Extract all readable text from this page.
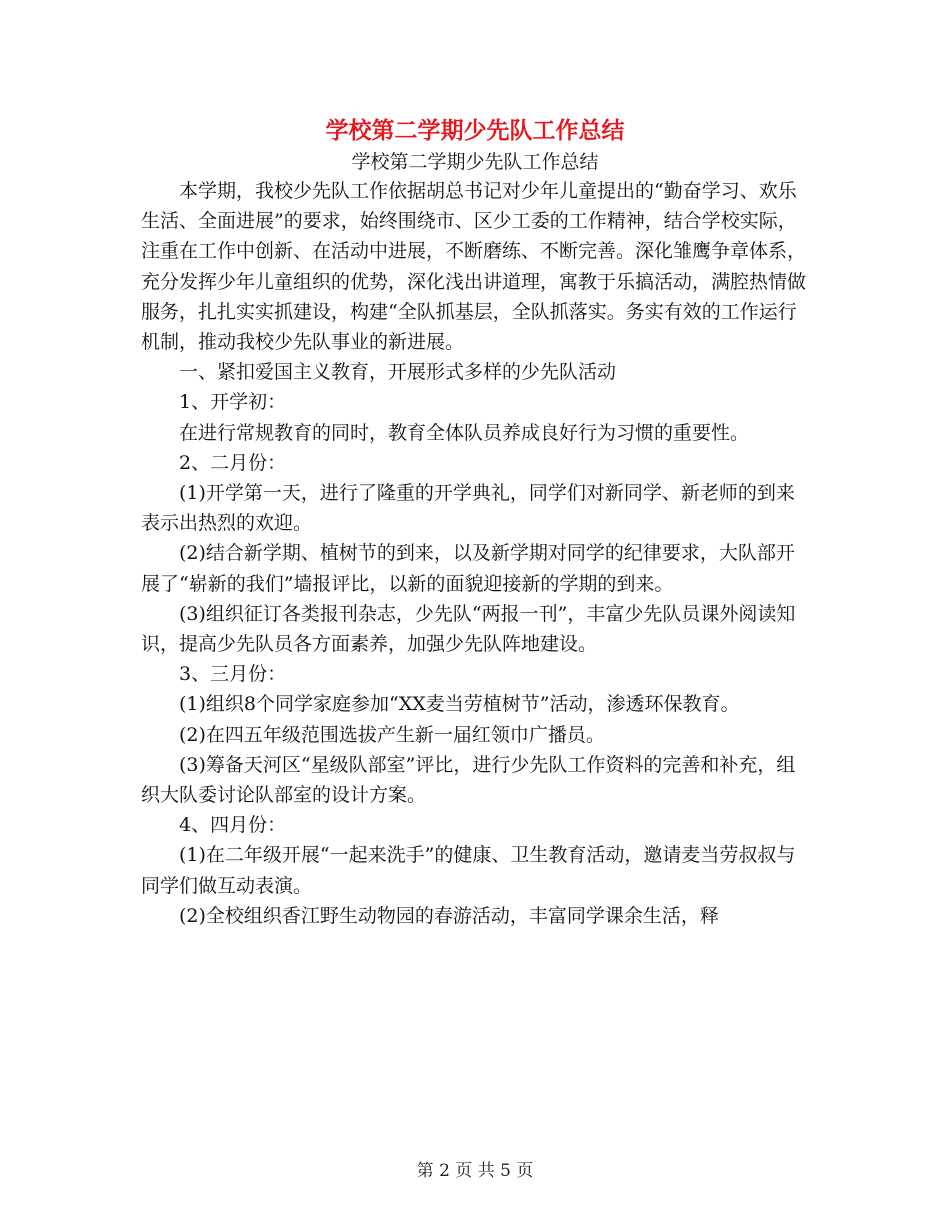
学校第二学期少先队工作总结
学校第二学期少先队工作总结

本学期，我校少先队工作依据胡总书记对少年儿童提出的“勤奋学习、欢乐生活、全面进展”的要求，始终围绕市、区少工委的工作精神，结合学校实际，注重在工作中创新、在活动中进展，不断磨练、不断完善。深化雏鹰争章体系，充分发挥少年儿童组织的优势，深化浅出讲道理，寓教于乐搞活动，满腔热情做服务，扎扎实实抓建设，构建“全队抓基层，全队抓落实。务实有效的工作运行机制，推动我校少先队事业的新进展。

一、紧扣爱国主义教育，开展形式多样的少先队活动

1、开学初：

在进行常规教育的同时，教育全体队员养成良好行为习惯的重要性。

2、二月份：

(1)开学第一天，进行了隆重的开学典礼，同学们对新同学、新老师的到来表示出热烈的欢迎。

(2)结合新学期、植树节的到来，以及新学期对同学的纪律要求，大队部开展了“崭新的我们”墙报评比，以新的面貌迎接新的学期的到来。

(3)组织征订各类报刊杂志，少先队“两报一刊”，丰富少先队员课外阅读知识，提高少先队员各方面素养，加强少先队阵地建设。

3、三月份：

(1)组织8个同学家庭参加“XX麦当劳植树节”活动，渗透环保教育。

(2)在四五年级范围选拔产生新一届红领巾广播员。

(3)筹备天河区“星级队部室”评比，进行少先队工作资料的完善和补充，组织大队委讨论队部室的设计方案。

4、四月份：

(1)在二年级开展“一起来洗手”的健康、卫生教育活动，邀请麦当劳叔叔与同学们做互动表演。

(2)全校组织香江野生动物园的春游活动，丰富同学课余生活，释

第 2 页 共 5 页
